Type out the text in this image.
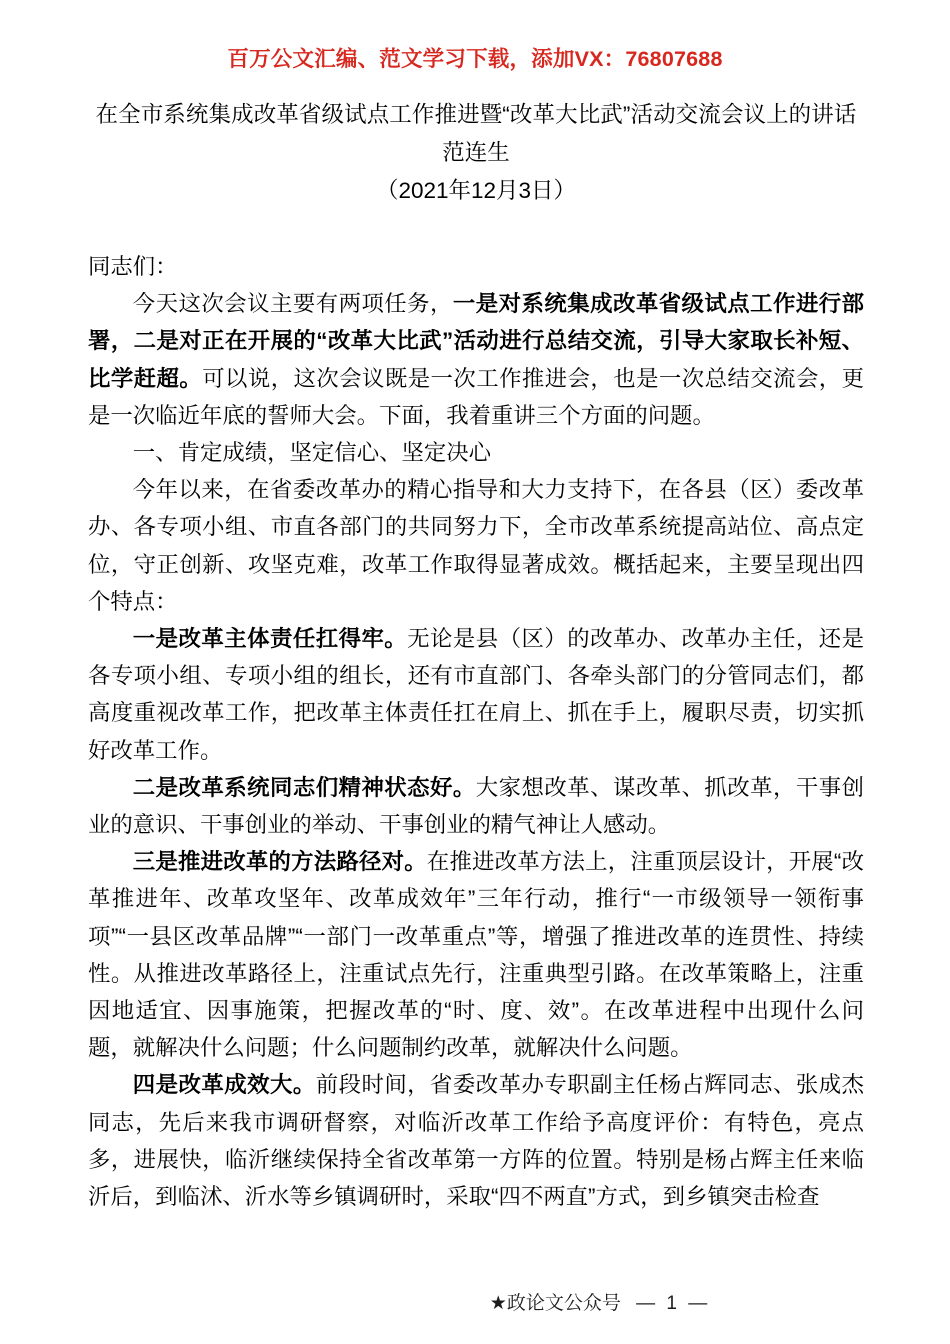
百万公文汇编、范文学习下载，添加VX：76807688
在全市系统集成改革省级试点工作推进暨“改革大比武”活动交流会议上的讲话
范连生
（2021年12月3日）

同志们：

今天这次会议主要有两项任务，一是对系统集成改革省级试点工作进行部署，二是对正在开展的“改革大比武”活动进行总结交流，引导大家取长补短、比学赶超。可以说，这次会议既是一次工作推进会，也是一次总结交流会，更是一次临近年底的誓师大会。下面，我着重讲三个方面的问题。

一、肯定成绩，坚定信心、坚定决心

今年以来，在省委改革办的精心指导和大力支持下，在各县（区）委改革办、各专项小组、市直各部门的共同努力下，全市改革系统提高站位、高点定位，守正创新、攻坚克难，改革工作取得显著成效。概括起来，主要呈现出四个特点：

一是改革主体责任扛得牢。无论是县（区）的改革办、改革办主任，还是各专项小组、专项小组的组长，还有市直部门、各牵头部门的分管同志们，都高度重视改革工作，把改革主体责任扛在肩上、抓在手上，履职尽责，切实抓好改革工作。

二是改革系统同志们精神状态好。大家想改革、谋改革、抓改革，干事创业的意识、干事创业的举动、干事创业的精气神让人感动。

三是推进改革的方法路径对。在推进改革方法上，注重顶层设计，开展“改革推进年、改革攻坚年、改革成效年”三年行动，推行“一市级领导一领衔事项”“一县区改革品牌”“一部门一改革重点”等，增强了推进改革的连贯性、持续性。从推进改革路径上，注重试点先行，注重典型引路。在改革策略上，注重因地适宜、因事施策，把握改革的“时、度、效”。在改革进程中出现什么问题，就解决什么问题；什么问题制约改革，就解决什么问题。

四是改革成效大。前段时间，省委改革办专职副主任杨占辉同志、张成杰同志，先后来我市调研督察，对临沂改革工作给予高度评价：有特色，亮点多，进展快，临沂继续保持全省改革第一方阵的位置。特别是杨占辉主任来临沂后，到临沭、沂水等乡镇调研时，采取“四不两直”方式，到乡镇突击检查

★政论文公众号 — 1 —
